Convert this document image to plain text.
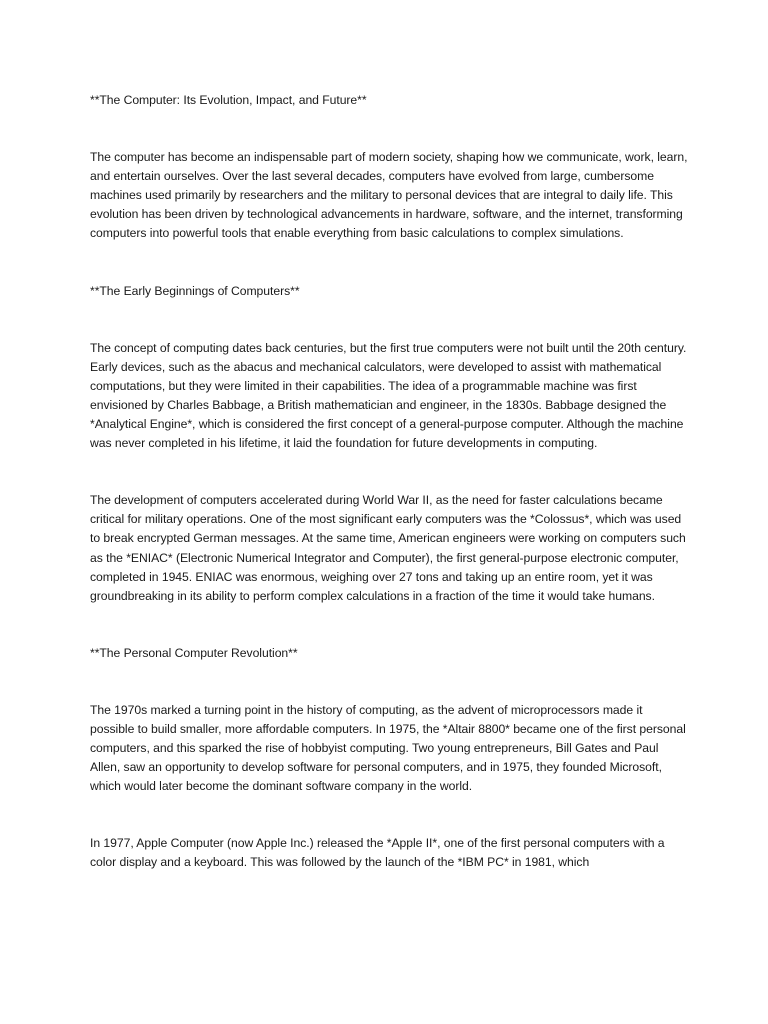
**The Computer: Its Evolution, Impact, and Future**

The computer has become an indispensable part of modern society, shaping how we communicate, work, learn, and entertain ourselves. Over the last several decades, computers have evolved from large, cumbersome machines used primarily by researchers and the military to personal devices that are integral to daily life. This evolution has been driven by technological advancements in hardware, software, and the internet, transforming computers into powerful tools that enable everything from basic calculations to complex simulations.

**The Early Beginnings of Computers**

The concept of computing dates back centuries, but the first true computers were not built until the 20th century. Early devices, such as the abacus and mechanical calculators, were developed to assist with mathematical computations, but they were limited in their capabilities. The idea of a programmable machine was first envisioned by Charles Babbage, a British mathematician and engineer, in the 1830s. Babbage designed the *Analytical Engine*, which is considered the first concept of a general-purpose computer. Although the machine was never completed in his lifetime, it laid the foundation for future developments in computing.

The development of computers accelerated during World War II, as the need for faster calculations became critical for military operations. One of the most significant early computers was the *Colossus*, which was used to break encrypted German messages. At the same time, American engineers were working on computers such as the *ENIAC* (Electronic Numerical Integrator and Computer), the first general-purpose electronic computer, completed in 1945. ENIAC was enormous, weighing over 27 tons and taking up an entire room, yet it was groundbreaking in its ability to perform complex calculations in a fraction of the time it would take humans.

**The Personal Computer Revolution**

The 1970s marked a turning point in the history of computing, as the advent of microprocessors made it possible to build smaller, more affordable computers. In 1975, the *Altair 8800* became one of the first personal computers, and this sparked the rise of hobbyist computing. Two young entrepreneurs, Bill Gates and Paul Allen, saw an opportunity to develop software for personal computers, and in 1975, they founded Microsoft, which would later become the dominant software company in the world.

In 1977, Apple Computer (now Apple Inc.) released the *Apple II*, one of the first personal computers with a color display and a keyboard. This was followed by the launch of the *IBM PC* in 1981, which
